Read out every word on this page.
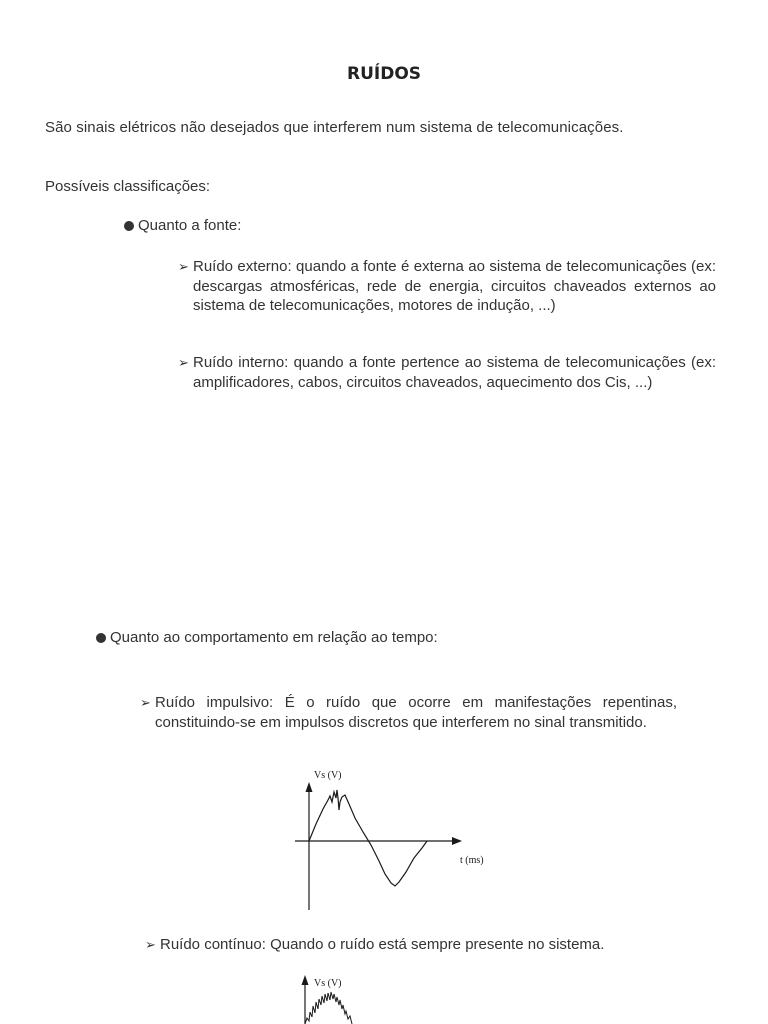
RUÍDOS
São sinais elétricos não desejados que interferem num sistema de telecomunicações.
Possíveis classificações:
Quanto a fonte:
➢ Ruído externo: quando a fonte é externa ao sistema de telecomunicações (ex: descargas atmosféricas, rede de energia, circuitos chaveados externos ao sistema de telecomunicações, motores de indução, ...)
➢ Ruído interno: quando a fonte pertence ao sistema de telecomunicações (ex: amplificadores, cabos, circuitos chaveados, aquecimento dos Cis, ...)
Quanto ao comportamento em relação ao tempo:
➢ Ruído impulsivo: É o ruído que ocorre em manifestações repentinas, constituindo-se em impulsos discretos que interferem no sinal transmitido.
Vs (V)
t (ms)
➢ Ruído contínuo: Quando o ruído está sempre presente no sistema.
Vs (V)
